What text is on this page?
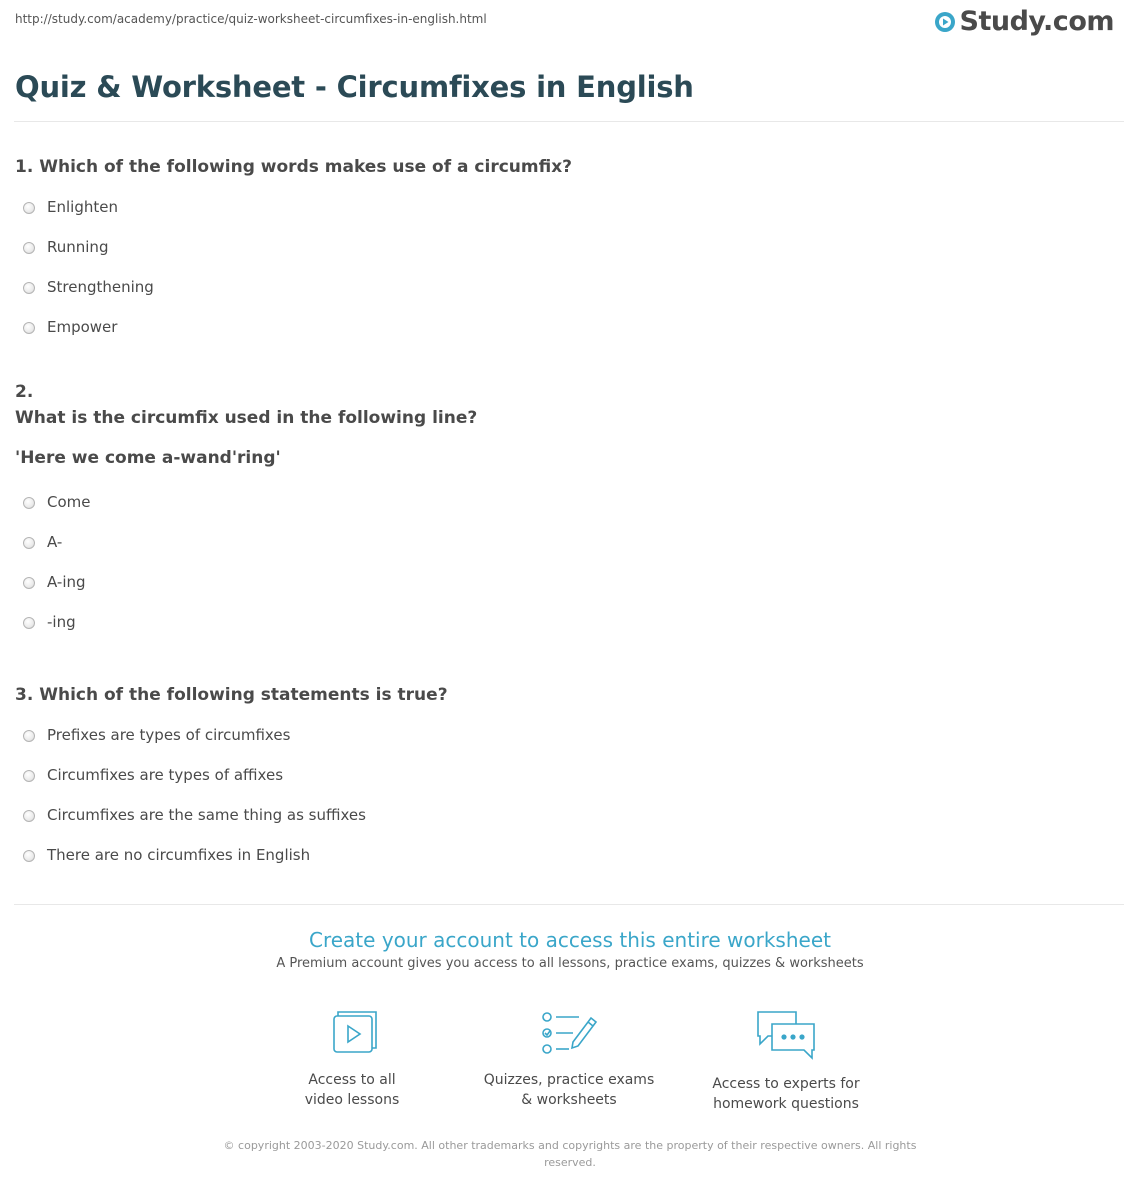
http://study.com/academy/practice/quiz-worksheet-circumfixes-in-english.html	Study.com
Quiz & Worksheet - Circumfixes in English
1. Which of the following words makes use of a circumfix?
Enlighten
Running
Strengthening
Empower
2.
What is the circumfix used in the following line?
'Here we come a-wand'ring'
Come
A-
A-ing
-ing
3. Which of the following statements is true?
Prefixes are types of circumfixes
Circumfixes are types of affixes
Circumfixes are the same thing as suffixes
There are no circumfixes in English
Create your account to access this entire worksheet
A Premium account gives you access to all lessons, practice exams, quizzes & worksheets
Access to all
video lessons
Quizzes, practice exams
& worksheets
Access to experts for
homework questions
© copyright 2003-2020 Study.com. All other trademarks and copyrights are the property of their respective owners. All rights reserved.
